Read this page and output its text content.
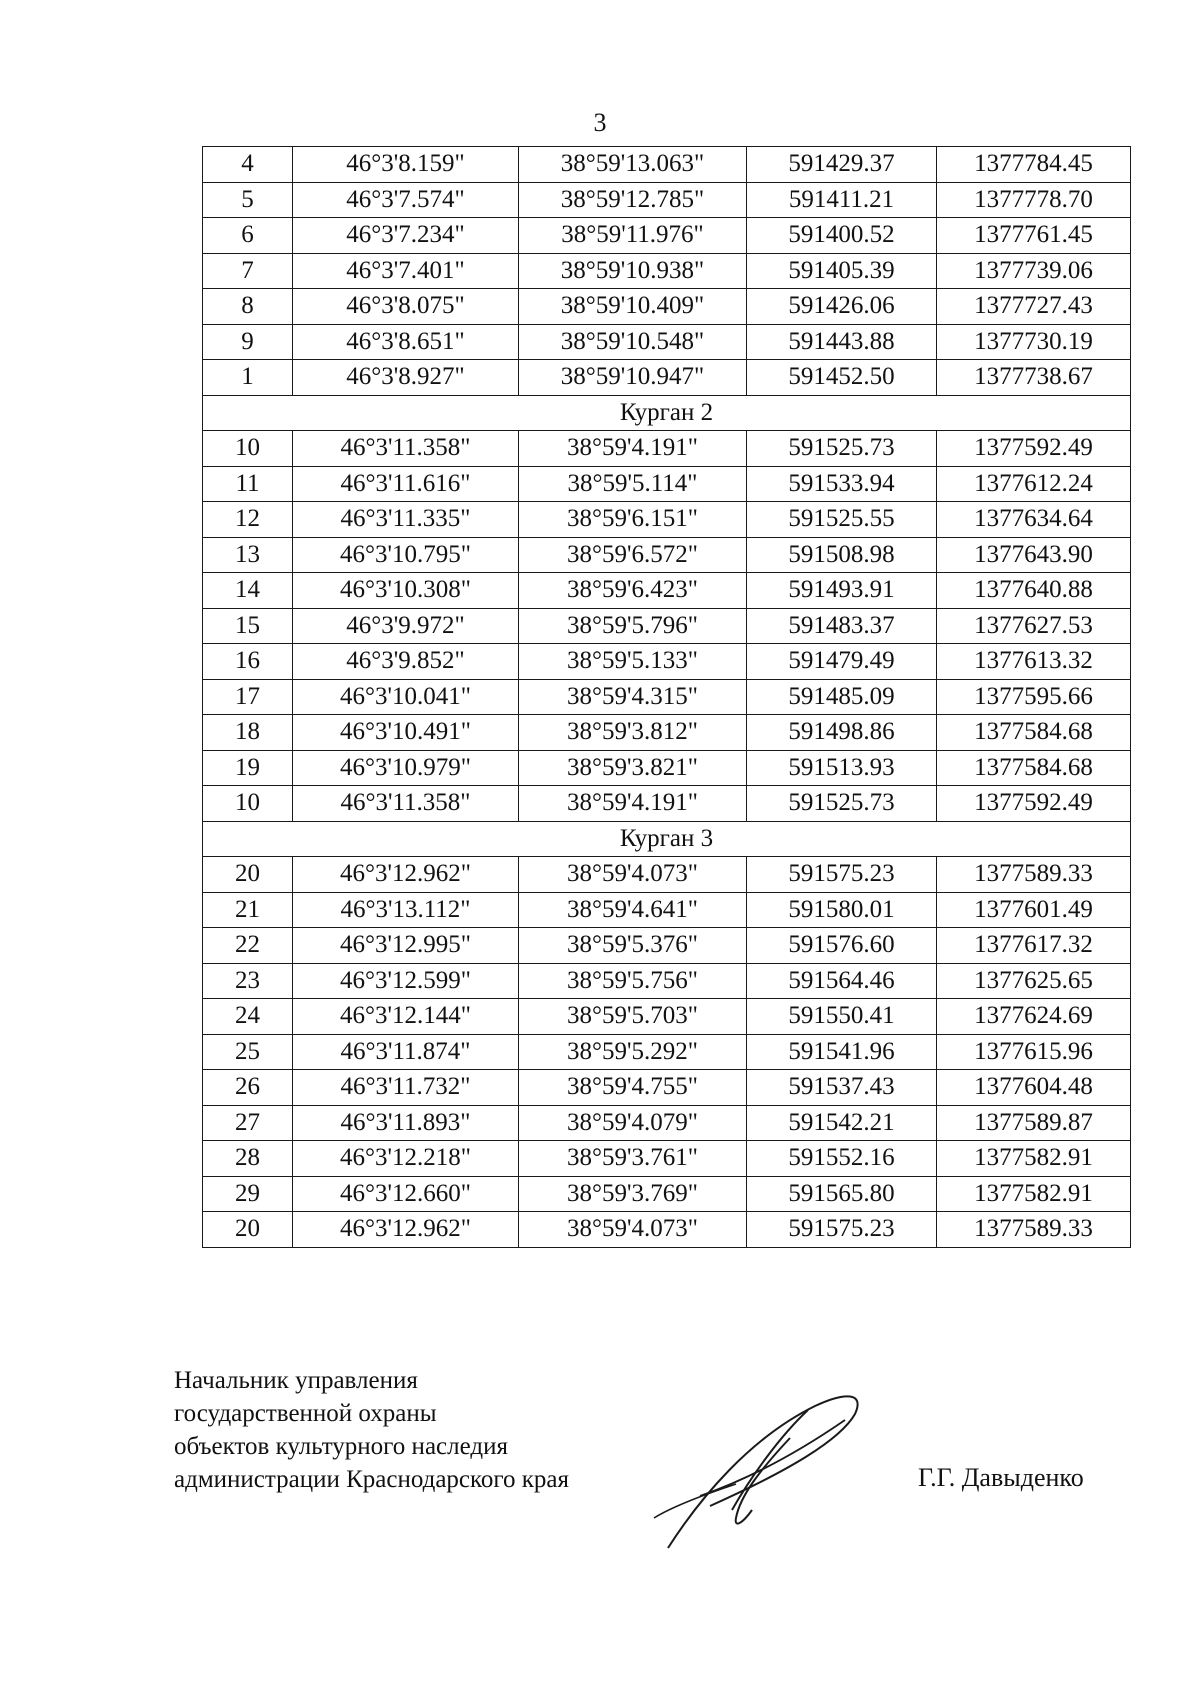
3
4	46°3'8.159"	38°59'13.063"	591429.37	1377784.45
5	46°3'7.574"	38°59'12.785"	591411.21	1377778.70
6	46°3'7.234"	38°59'11.976"	591400.52	1377761.45
7	46°3'7.401"	38°59'10.938"	591405.39	1377739.06
8	46°3'8.075"	38°59'10.409"	591426.06	1377727.43
9	46°3'8.651"	38°59'10.548"	591443.88	1377730.19
1	46°3'8.927"	38°59'10.947"	591452.50	1377738.67
Курган 2				
10	46°3'11.358"	38°59'4.191"	591525.73	1377592.49
11	46°3'11.616"	38°59'5.114"	591533.94	1377612.24
12	46°3'11.335"	38°59'6.151"	591525.55	1377634.64
13	46°3'10.795"	38°59'6.572"	591508.98	1377643.90
14	46°3'10.308"	38°59'6.423"	591493.91	1377640.88
15	46°3'9.972"	38°59'5.796"	591483.37	1377627.53
16	46°3'9.852"	38°59'5.133"	591479.49	1377613.32
17	46°3'10.041"	38°59'4.315"	591485.09	1377595.66
18	46°3'10.491"	38°59'3.812"	591498.86	1377584.68
19	46°3'10.979"	38°59'3.821"	591513.93	1377584.68
10	46°3'11.358"	38°59'4.191"	591525.73	1377592.49
Курган 3				
20	46°3'12.962"	38°59'4.073"	591575.23	1377589.33
21	46°3'13.112"	38°59'4.641"	591580.01	1377601.49
22	46°3'12.995"	38°59'5.376"	591576.60	1377617.32
23	46°3'12.599"	38°59'5.756"	591564.46	1377625.65
24	46°3'12.144"	38°59'5.703"	591550.41	1377624.69
25	46°3'11.874"	38°59'5.292"	591541.96	1377615.96
26	46°3'11.732"	38°59'4.755"	591537.43	1377604.48
27	46°3'11.893"	38°59'4.079"	591542.21	1377589.87
28	46°3'12.218"	38°59'3.761"	591552.16	1377582.91
29	46°3'12.660"	38°59'3.769"	591565.80	1377582.91
20	46°3'12.962"	38°59'4.073"	591575.23	1377589.33
Начальник управления
государственной охраны
объектов культурного наследия
администрации Краснодарского края	Г.Г. Давыденко
